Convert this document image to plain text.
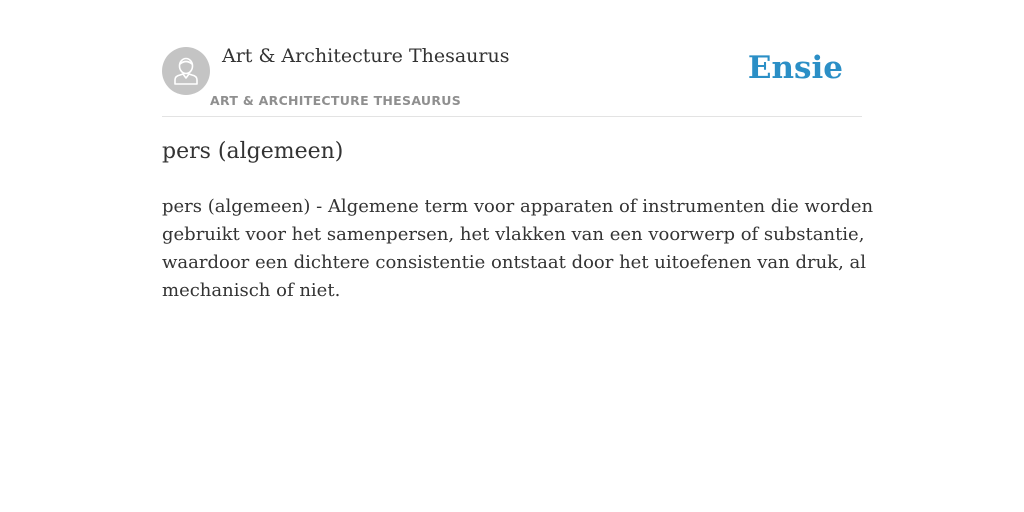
Art & Architecture Thesaurus
ART & ARCHITECTURE THESAURUS
Ensie
pers (algemeen)

pers (algemeen) - Algemene term voor apparaten of instrumenten die worden
gebruikt voor het samenpersen, het vlakken van een voorwerp of substantie,
waardoor een dichtere consistentie ontstaat door het uitoefenen van druk, al
mechanisch of niet.
